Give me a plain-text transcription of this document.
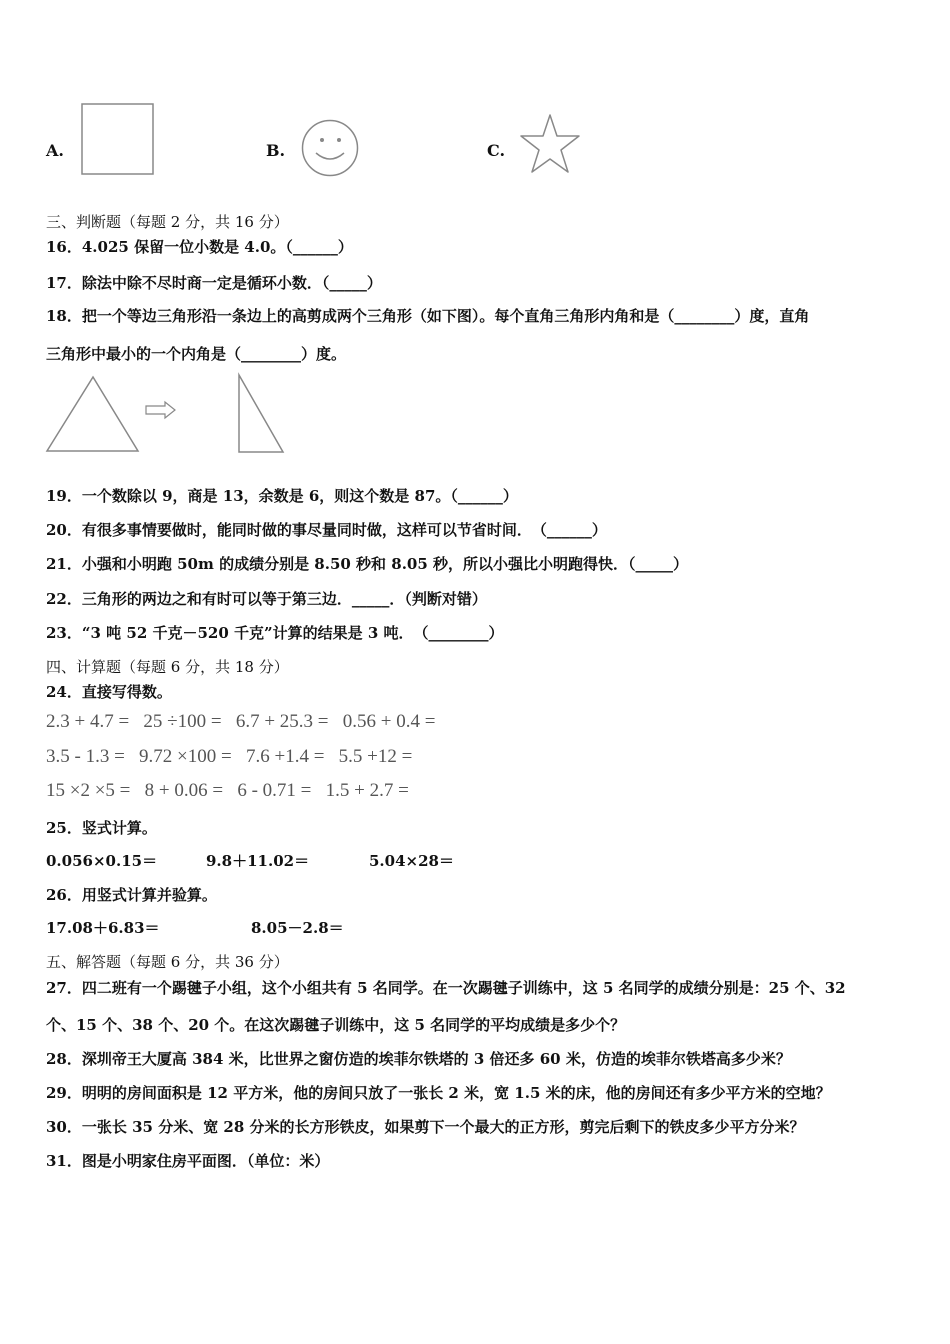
A.	B.	C.
三、判断题（每题 2 分，共 16 分）
16．4.025 保留一位小数是 4.0。（______）
17．除法中除不尽时商一定是循环小数．（_____）
18．把一个等边三角形沿一条边上的高剪成两个三角形（如下图）。每个直角三角形内角和是（________）度，直角
三角形中最小的一个内角是（________）度。
19．一个数除以 9，商是 13，余数是 6，则这个数是 87。（______）
20．有很多事情要做时，能同时做的事尽量同时做，这样可以节省时间．　（______）
21．小强和小明跑 50m 的成绩分别是 8.50 秒和 8.05 秒，所以小强比小明跑得快．（_____）
22．三角形的两边之和有时可以等于第三边．_____．（判断对错）
23．“3 吨 52 千克－520 千克”计算的结果是 3 吨．　（________）
四、计算题（每题 6 分，共 18 分）
24．直接写得数。
2.3 + 4.7 =   25 ÷100 =   6.7 + 25.3 =   0.56 + 0.4 =
3.5 - 1.3 =   9.72 ×100 =   7.6 +1.4 =   5.5 +12 =
15 ×2 ×5 =   8 + 0.06 =   6 - 0.71 =   1.5 + 2.7 =
25．竖式计算。
0.056×0.15＝	9.8＋11.02＝	5.04×28＝
26．用竖式计算并验算。
17.08＋6.83＝	8.05－2.8＝
五、解答题（每题 6 分，共 36 分）
27．四二班有一个踢毽子小组，这个小组共有 5 名同学。在一次踢毽子训练中，这 5 名同学的成绩分别是：25 个、32
个、15 个、38 个、20 个。在这次踢毽子训练中，这 5 名同学的平均成绩是多少个？
28．深圳帝王大厦高 384 米，比世界之窗仿造的埃菲尔铁塔的 3 倍还多 60 米，仿造的埃菲尔铁塔高多少米？
29．明明的房间面积是 12 平方米，他的房间只放了一张长 2 米，宽 1.5 米的床，他的房间还有多少平方米的空地？
30．一张长 35 分米、宽 28 分米的长方形铁皮，如果剪下一个最大的正方形，剪完后剩下的铁皮多少平方分米？
31．图是小明家住房平面图．（单位：米）
